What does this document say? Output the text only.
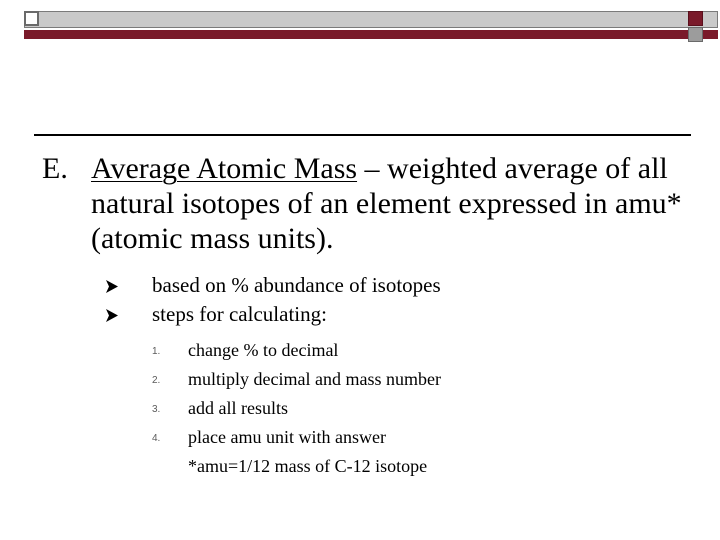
E. Average Atomic Mass – weighted average of all natural isotopes of an element expressed in amu* (atomic mass units).
based on % abundance of isotopes
steps for calculating:
1. change % to decimal
2. multiply decimal and mass number
3. add all results
4. place amu unit with answer
*amu=1/12 mass of C-12 isotope
